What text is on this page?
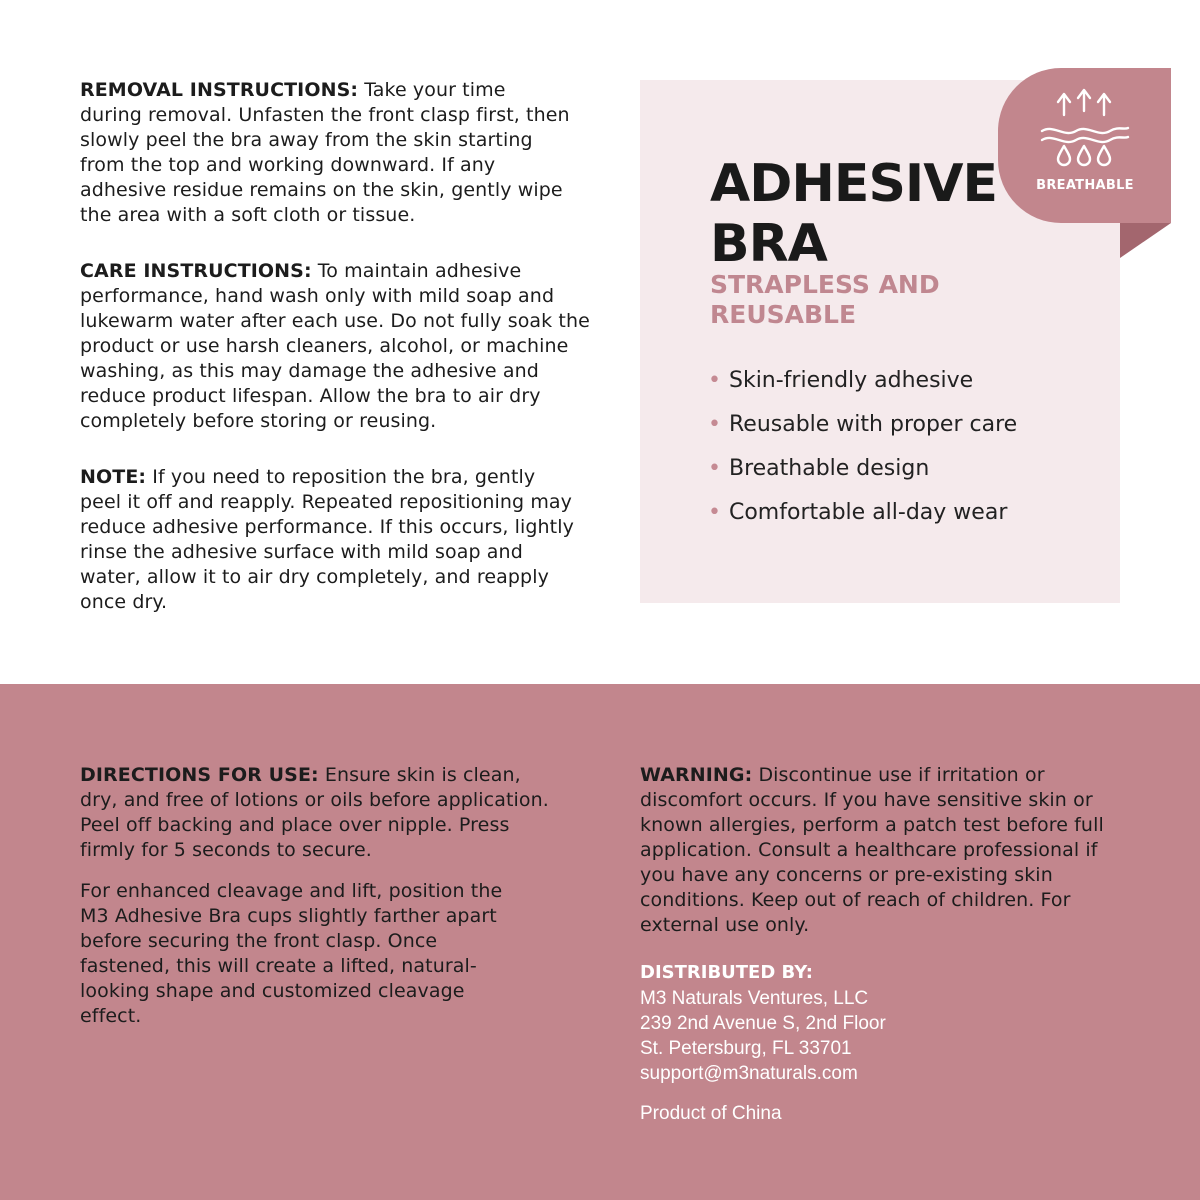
REMOVAL INSTRUCTIONS: Take your time during removal. Unfasten the front clasp first, then slowly peel the bra away from the skin starting from the top and working downward. If any adhesive residue remains on the skin, gently wipe the area with a soft cloth or tissue.

CARE INSTRUCTIONS: To maintain adhesive performance, hand wash only with mild soap and lukewarm water after each use. Do not fully soak the product or use harsh cleaners, alcohol, or machine washing, as this may damage the adhesive and reduce product lifespan. Allow the bra to air dry completely before storing or reusing.

NOTE: If you need to reposition the bra, gently peel it off and reapply. Repeated repositioning may reduce adhesive performance. If this occurs, lightly rinse the adhesive surface with mild soap and water, allow it to air dry completely, and reapply once dry.

ADHESIVE
BRA
STRAPLESS AND
REUSABLE
• Skin-friendly adhesive
• Reusable with proper care
• Breathable design
• Comfortable all-day wear
BREATHABLE

DIRECTIONS FOR USE: Ensure skin is clean, dry, and free of lotions or oils before application. Peel off backing and place over nipple. Press firmly for 5 seconds to secure.

For enhanced cleavage and lift, position the M3 Adhesive Bra cups slightly farther apart before securing the front clasp. Once fastened, this will create a lifted, natural-looking shape and customized cleavage effect.

WARNING: Discontinue use if irritation or discomfort occurs. If you have sensitive skin or known allergies, perform a patch test before full application. Consult a healthcare professional if you have any concerns or pre-existing skin conditions. Keep out of reach of children. For external use only.

DISTRIBUTED BY:
M3 Naturals Ventures, LLC
239 2nd Avenue S, 2nd Floor
St. Petersburg, FL 33701
support@m3naturals.com
Product of China
